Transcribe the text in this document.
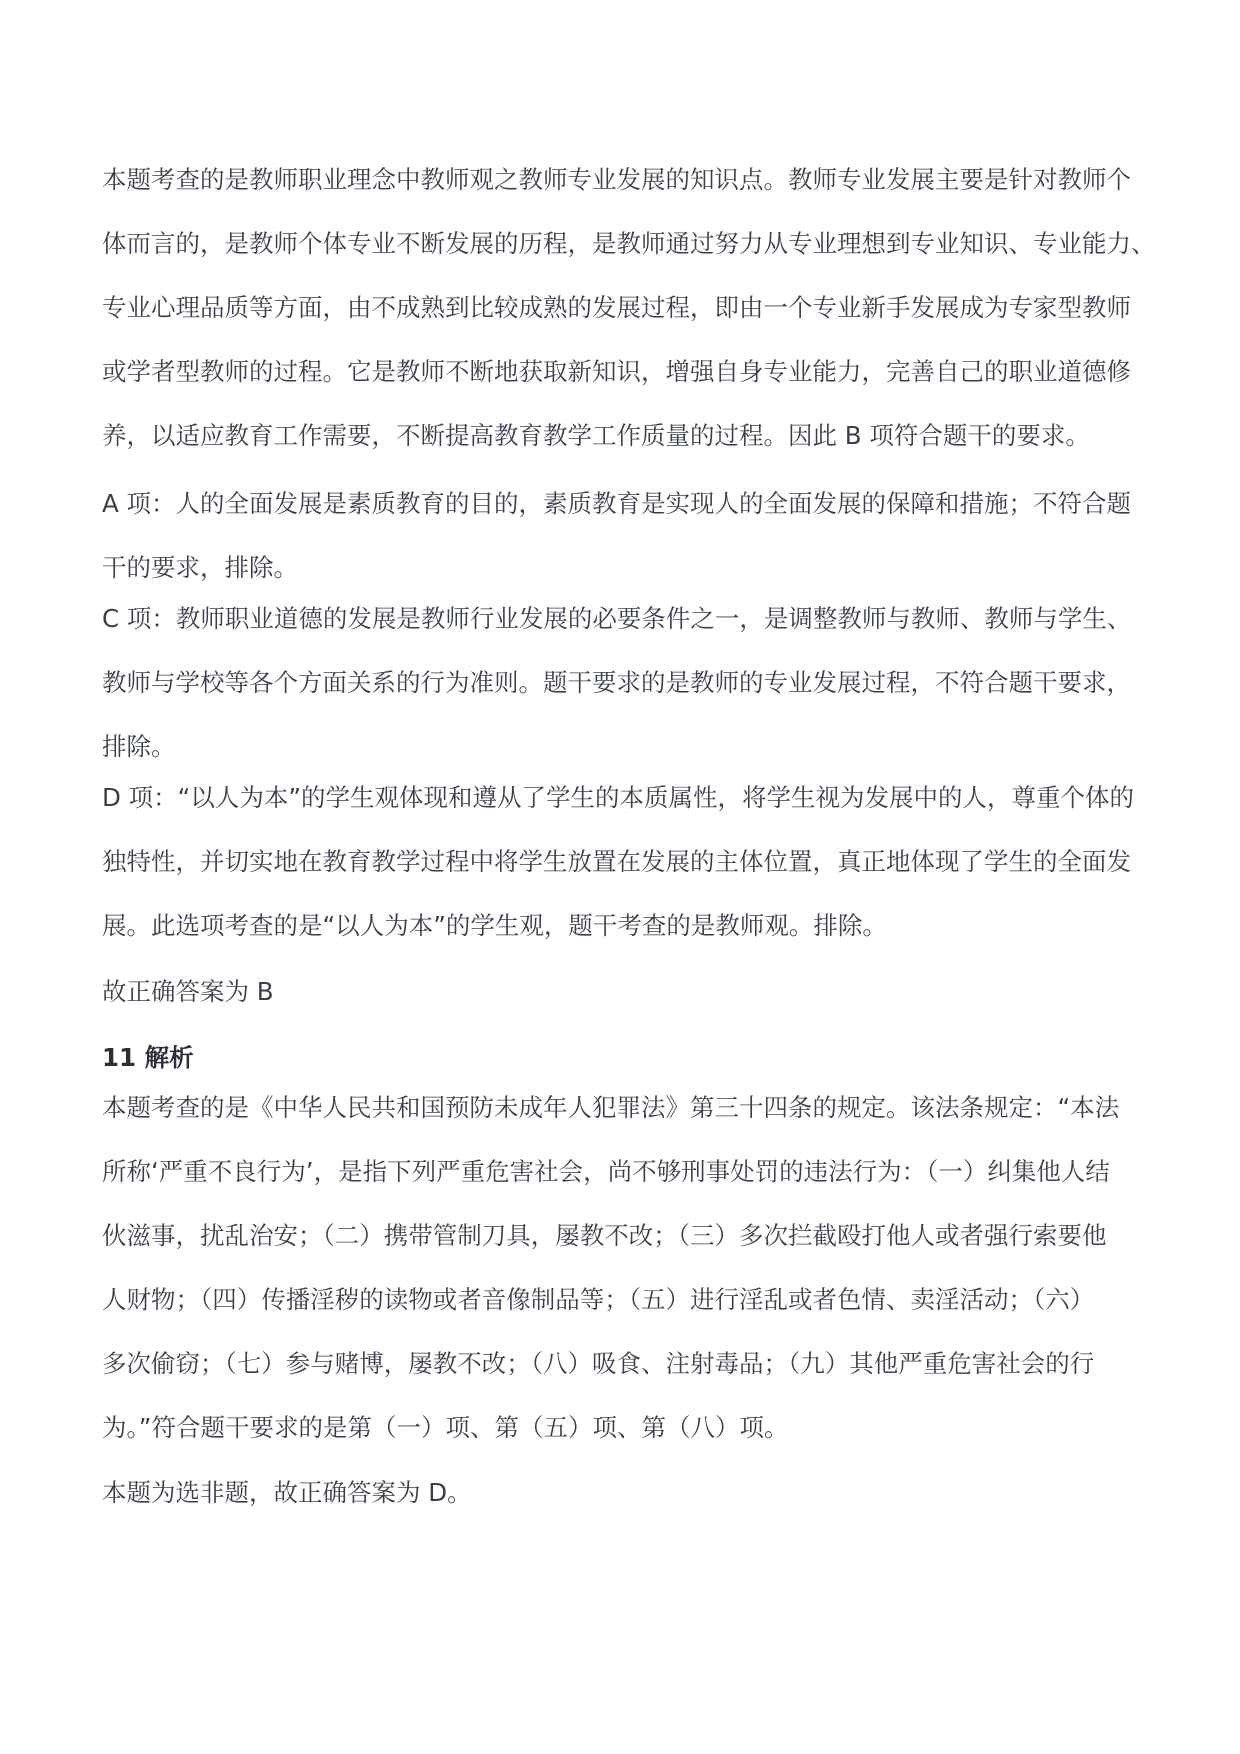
本题考查的是教师职业理念中教师观之教师专业发展的知识点。教师专业发展主要是针对教师个
体而言的，是教师个体专业不断发展的历程，是教师通过努力从专业理想到专业知识、专业能力、
专业心理品质等方面，由不成熟到比较成熟的发展过程，即由一个专业新手发展成为专家型教师
或学者型教师的过程。它是教师不断地获取新知识，增强自身专业能力，完善自己的职业道德修
养，以适应教育工作需要，不断提高教育教学工作质量的过程。因此 B 项符合题干的要求。
A 项：人的全面发展是素质教育的目的，素质教育是实现人的全面发展的保障和措施；不符合题
干的要求，排除。
C 项：教师职业道德的发展是教师行业发展的必要条件之一，是调整教师与教师、教师与学生、
教师与学校等各个方面关系的行为准则。题干要求的是教师的专业发展过程，不符合题干要求，
排除。
D 项：“以人为本”的学生观体现和遵从了学生的本质属性，将学生视为发展中的人，尊重个体的
独特性，并切实地在教育教学过程中将学生放置在发展的主体位置，真正地体现了学生的全面发
展。此选项考查的是“以人为本”的学生观，题干考查的是教师观。排除。
故正确答案为 B
11 解析
本题考查的是《中华人民共和国预防未成年人犯罪法》第三十四条的规定。该法条规定：“本法
所称‘严重不良行为’，是指下列严重危害社会，尚不够刑事处罚的违法行为：（一）纠集他人结
伙滋事，扰乱治安；（二）携带管制刀具，屡教不改；（三）多次拦截殴打他人或者强行索要他
人财物；（四）传播淫秽的读物或者音像制品等；（五）进行淫乱或者色情、卖淫活动；（六）
多次偷窃；（七）参与赌博，屡教不改；（八）吸食、注射毒品；（九）其他严重危害社会的行
为。”符合题干要求的是第（一）项、第（五）项、第（八）项。
本题为选非题，故正确答案为 D。
